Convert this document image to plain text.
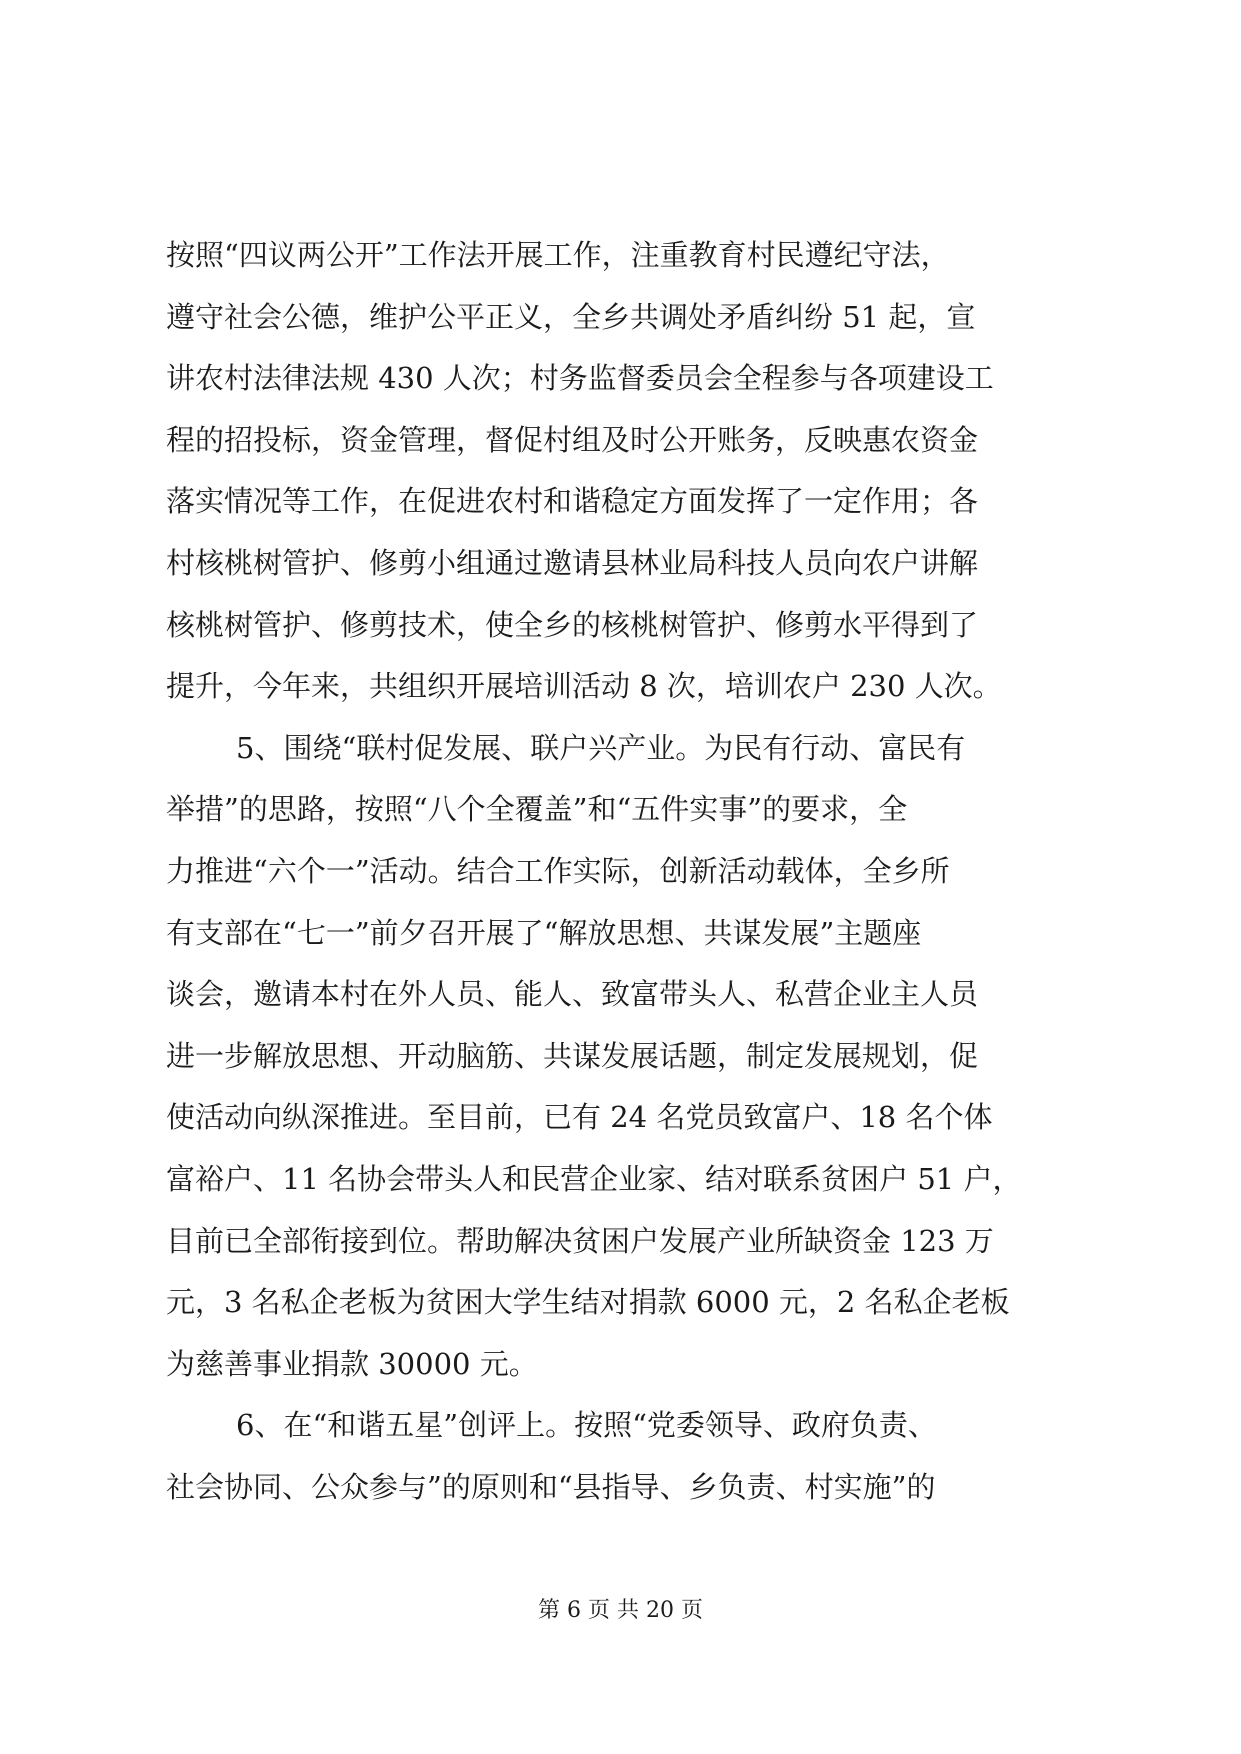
按照“四议两公开”工作法开展工作，注重教育村民遵纪守法，
遵守社会公德，维护公平正义，全乡共调处矛盾纠纷 51 起，宣
讲农村法律法规 430 人次；村务监督委员会全程参与各项建设工
程的招投标，资金管理，督促村组及时公开账务，反映惠农资金
落实情况等工作，在促进农村和谐稳定方面发挥了一定作用；各
村核桃树管护、修剪小组通过邀请县林业局科技人员向农户讲解
核桃树管护、修剪技术，使全乡的核桃树管护、修剪水平得到了
提升，今年来，共组织开展培训活动 8 次，培训农户 230 人次。
5、围绕“联村促发展、联户兴产业。为民有行动、富民有
举措”的思路，按照“八个全覆盖”和“五件实事”的要求，全
力推进“六个一”活动。结合工作实际，创新活动载体，全乡所
有支部在“七一”前夕召开展了“解放思想、共谋发展”主题座
谈会，邀请本村在外人员、能人、致富带头人、私营企业主人员
进一步解放思想、开动脑筋、共谋发展话题，制定发展规划，促
使活动向纵深推进。至目前，已有 24 名党员致富户、18 名个体
富裕户、11 名协会带头人和民营企业家、结对联系贫困户 51 户，
目前已全部衔接到位。帮助解决贫困户发展产业所缺资金 123 万
元，3 名私企老板为贫困大学生结对捐款 6000 元，2 名私企老板
为慈善事业捐款 30000 元。
6、在“和谐五星”创评上。按照“党委领导、政府负责、
社会协同、公众参与”的原则和“县指导、乡负责、村实施”的
第 6 页 共 20 页
